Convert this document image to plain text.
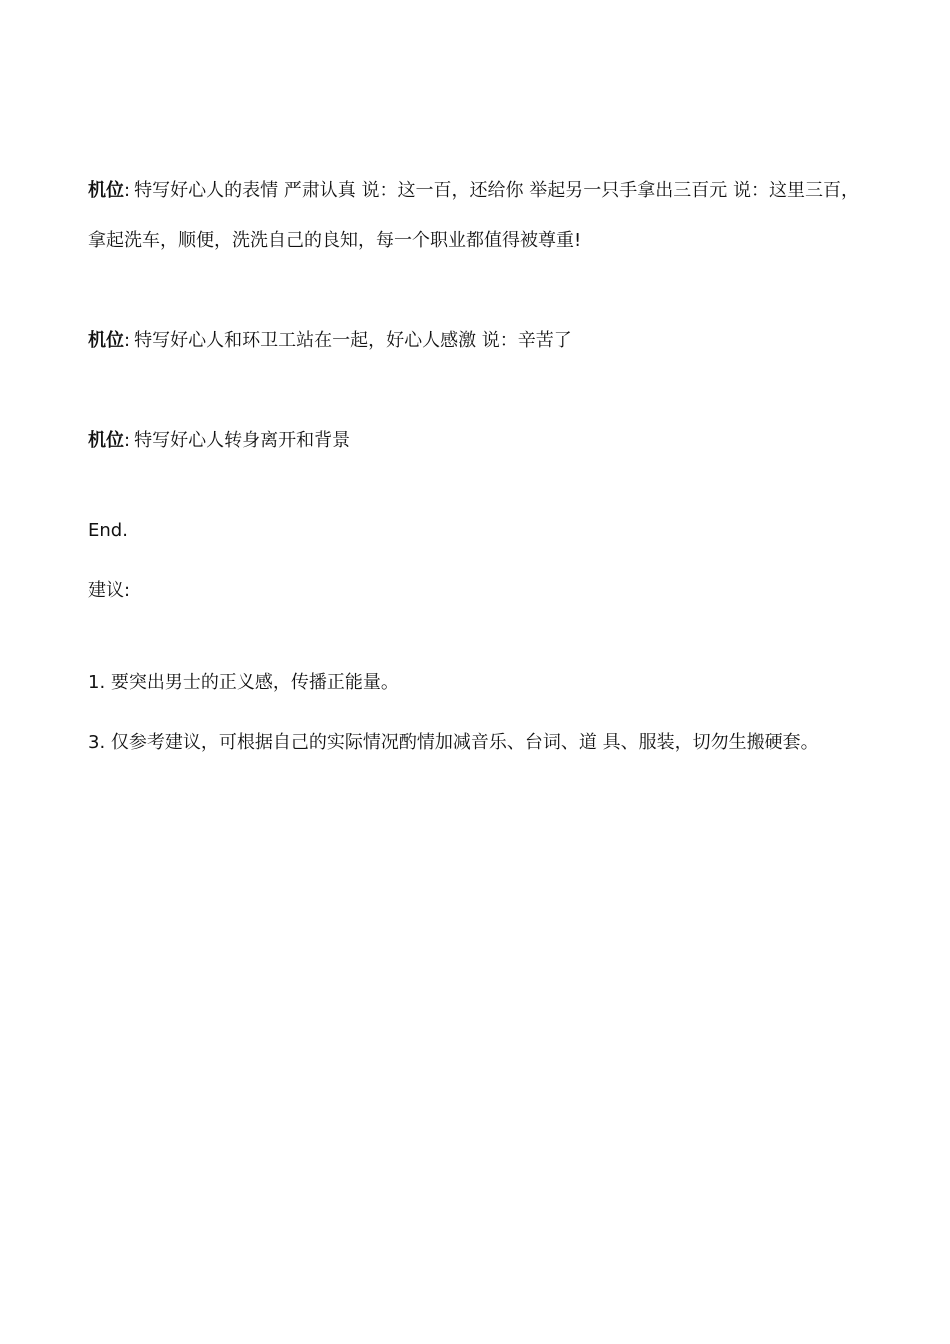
机位: 特写好心人的表情 严肃认真 说：这一百，还给你 举起另一只手拿出三百元 说：这里三百，拿起洗车，顺便，洗洗自己的良知，每一个职业都值得被尊重!

机位: 特写好心人和环卫工站在一起，好心人感激 说：辛苦了

机位: 特写好心人转身离开和背景

End.

建议:

1. 要突出男士的正义感，传播正能量。

3. 仅参考建议，可根据自己的实际情况酌情加减音乐、台词、道 具、服装，切勿生搬硬套。
